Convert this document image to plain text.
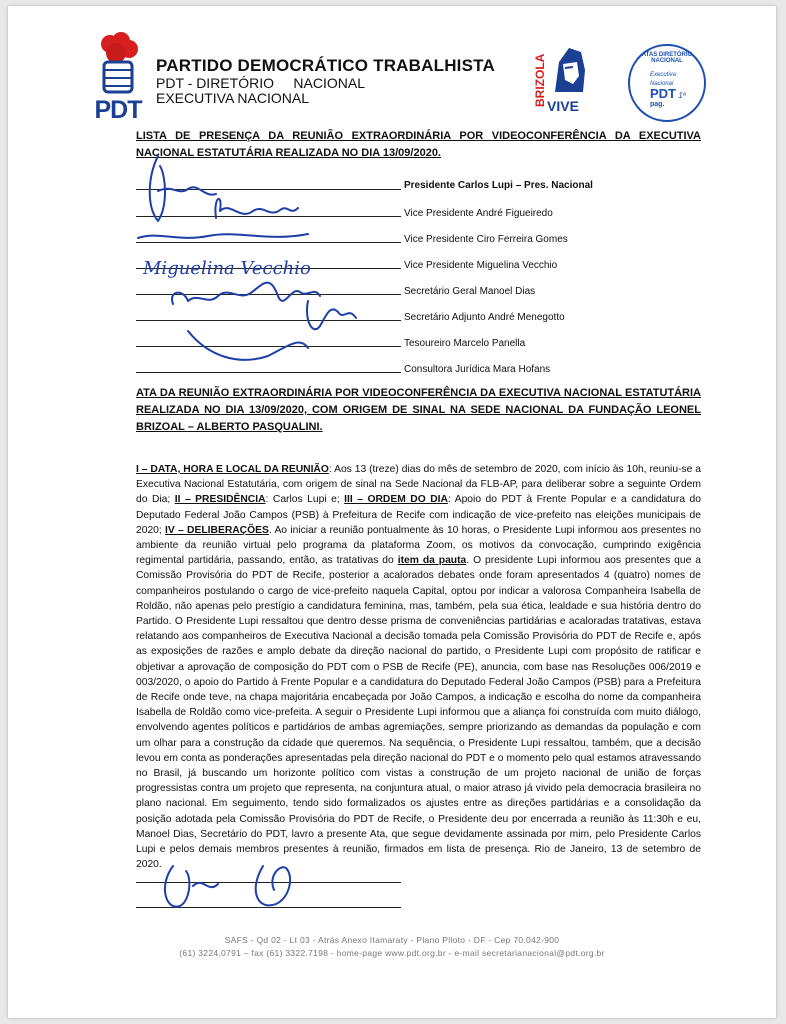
PDT
PARTIDO DEMOCRÁTICO TRABALHISTA
PDT - DIRETÓRIO     NACIONAL
EXECUTIVA NACIONAL	BRIZOLA VIVE
ATAS DIRETÓRIO NACIONAL
Executiva Nacional
PDT 1ª
pag.
LISTA DE PRESENÇA DA REUNIÃO EXTRAORDINÁRIA POR VIDEOCONFERÊNCIA DA EXECUTIVA NACIONAL ESTATUTÁRIA REALIZADA NO DIA 13/09/2020.
Presidente Carlos Lupi – Pres. Nacional
Vice Presidente André Figueiredo
Vice Presidente Ciro Ferreira Gomes
Vice Presidente Miguelina Vecchio
Secretário Geral Manoel Dias
Secretário Adjunto André Menegotto
Tesoureiro Marcelo Panella
Consultora Jurídica Mara Hofans
ATA DA REUNIÃO EXTRAORDINÁRIA POR VIDEOCONFERÊNCIA DA EXECUTIVA NACIONAL ESTATUTÁRIA REALIZADA NO DIA 13/09/2020, COM ORIGEM DE SINAL NA SEDE NACIONAL DA FUNDAÇÃO LEONEL BRIZOAL – ALBERTO PASQUALINI.
I – DATA, HORA E LOCAL DA REUNIÃO: Aos 13 (treze) dias do mês de setembro de 2020, com início às 10h, reuniu-se a Executiva Nacional Estatutária, com origem de sinal na Sede Nacional da FLB-AP, para deliberar sobre a seguinte Ordem do Dia; II – PRESIDÊNCIA: Carlos Lupi e; III – ORDEM DO DIA: Apoio do PDT à Frente Popular e a candidatura do Deputado Federal João Campos (PSB) à Prefeitura de Recife com indicação de vice-prefeito nas eleições municipais de 2020; IV – DELIBERAÇÕES. Ao iniciar a reunião pontualmente às 10 horas, o Presidente Lupi informou aos presentes no ambiente da reunião virtual pelo programa da plataforma Zoom, os motivos da convocação, cumprindo exigência regimental partidária, passando, então, as tratativas do item da pauta. O presidente Lupi informou aos presentes que a Comissão Provisória do PDT de Recife, posterior a acalorados debates onde foram apresentados 4 (quatro) nomes de companheiros postulando o cargo de vice-prefeito naquela Capital, optou por indicar a valorosa Companheira Isabella de Roldão, não apenas pelo prestígio a candidatura feminina, mas, também, pela sua ética, lealdade e sua história dentro do Partido. O Presidente Lupi ressaltou que dentro desse prisma de conveniências partidárias e acaloradas tratativas, estava relatando aos companheiros de Executiva Nacional a decisão tomada pela Comissão Provisória do PDT de Recife e, após as exposições de razões e amplo debate da direção nacional do partido, o Presidente Lupi com propósito de ratificar e objetivar a aprovação de composição do PDT com o PSB de Recife (PE), anuncia, com base nas Resoluções 006/2019 e 003/2020, o apoio do Partido à Frente Popular e a candidatura do Deputado Federal João Campos (PSB) para a Prefeitura de Recife onde teve, na chapa majoritária encabeçada por João Campos, a indicação e escolha do nome da companheira Isabella de Roldão como vice-prefeita. A seguir o Presidente Lupi informou que a aliança foi construída com muito diálogo, envolvendo agentes políticos e partidários de ambas agremiações, sempre priorizando as demandas da população e com um olhar para a construção da cidade que queremos. Na sequência, o Presidente Lupi ressaltou, também, que a decisão levou em conta as ponderações apresentadas pela direção nacional do PDT e o momento pelo qual estamos atravessando no Brasil, já buscando um horizonte político com vistas a construção de um projeto nacional de união de forças progressistas contra um projeto que representa, na conjuntura atual, o maior atraso já vivido pela democracia brasileira no plano nacional. Em seguimento, tendo sido formalizados os ajustes entre as direções partidárias e a consolidação da posição adotada pela Comissão Provisória do PDT de Recife, o Presidente deu por encerrada a reunião às 11:30h e eu, Manoel Dias, Secretário do PDT, lavro a presente Ata, que segue devidamente assinada por mim, pelo Presidente Carlos Lupi e pelos demais membros presentes à reunião, firmados em lista de presença. Rio de Janeiro, 13 de setembro de 2020.
SAFS - Qd 02 - Lt 03 - Atrás Anexo Itamaraty - Plano Piloto - DF - Cep 70.042-900
(61) 3224.0791 – fax (61) 3322.7198 - home-page www.pdt.org.br - e-mail secretarianacional@pdt.org.br
Miguelina Vecchio
